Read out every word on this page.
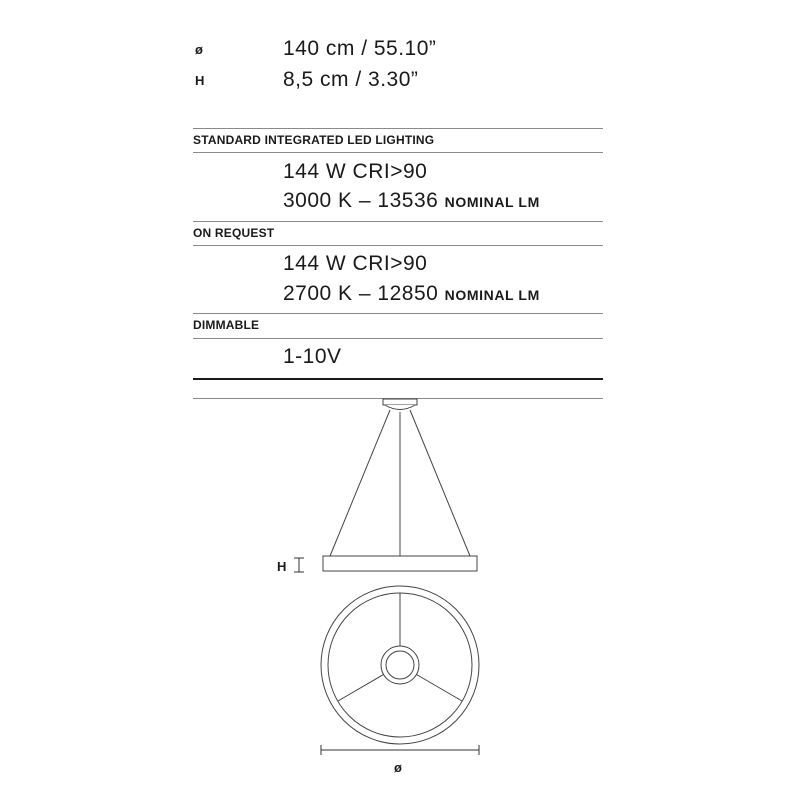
ø	140 cm / 55.10”
H	8,5 cm / 3.30”
STANDARD INTEGRATED LED LIGHTING
144 W CRI>90
3000 K – 13536 NOMINAL LM
ON REQUEST
144 W CRI>90
2700 K – 12850 NOMINAL LM
DIMMABLE
1-10V
H
ø
